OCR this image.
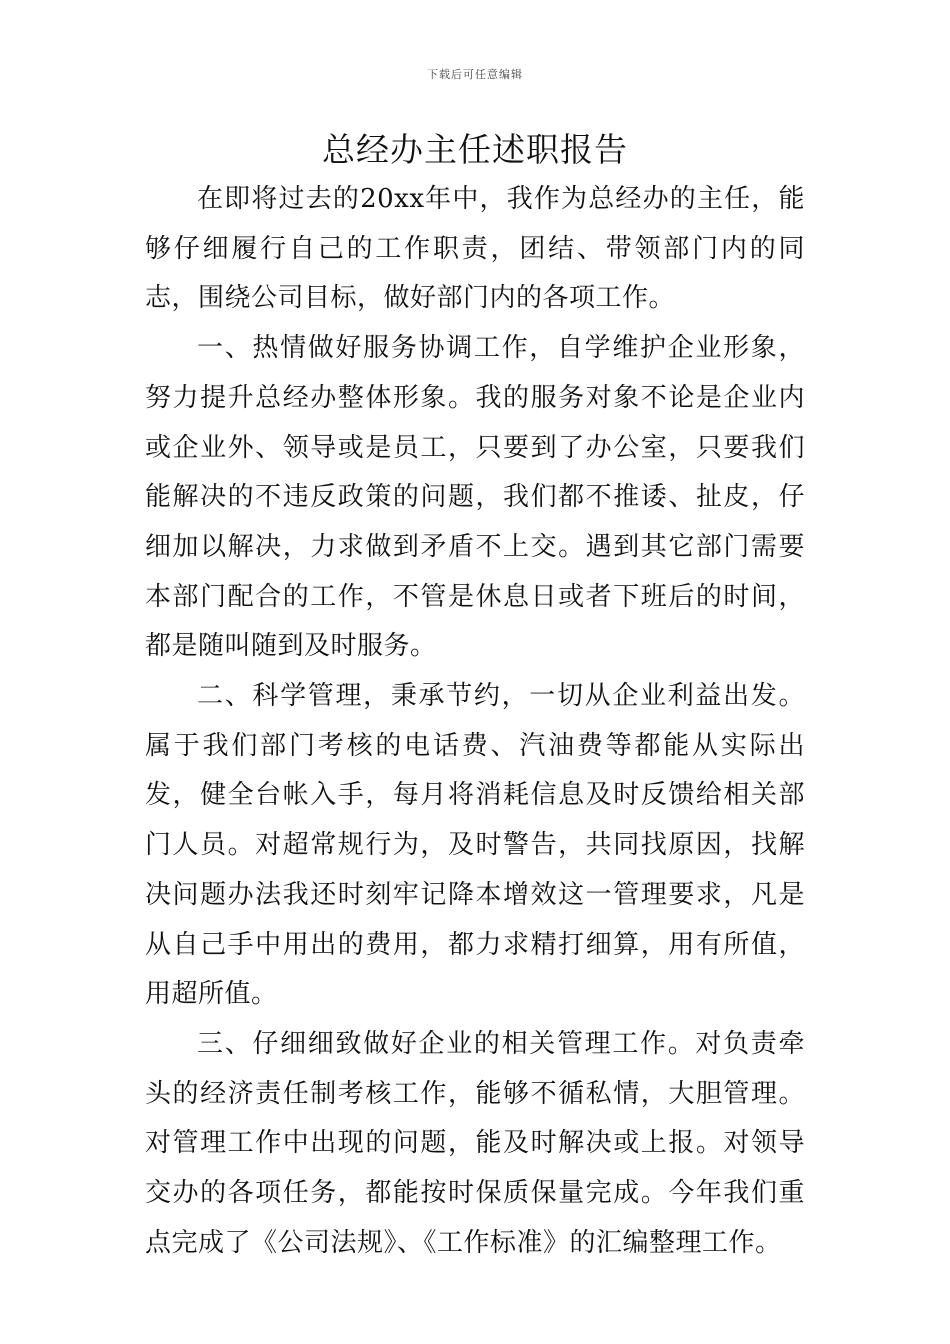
下载后可任意编辑
总经办主任述职报告

在即将过去的20xx年中，我作为总经办的主任，能够仔细履行自己的工作职责，团结、带领部门内的同志，围绕公司目标，做好部门内的各项工作。

一、热情做好服务协调工作，自学维护企业形象，努力提升总经办整体形象。我的服务对象不论是企业内或企业外、领导或是员工，只要到了办公室，只要我们能解决的不违反政策的问题，我们都不推诿、扯皮，仔细加以解决，力求做到矛盾不上交。遇到其它部门需要本部门配合的工作，不管是休息日或者下班后的时间，都是随叫随到及时服务。

二、科学管理，秉承节约，一切从企业利益出发。属于我们部门考核的电话费、汽油费等都能从实际出发，健全台帐入手，每月将消耗信息及时反馈给相关部门人员。对超常规行为，及时警告，共同找原因，找解决问题办法我还时刻牢记降本增效这一管理要求，凡是从自己手中用出的费用，都力求精打细算，用有所值，用超所值。

三、仔细细致做好企业的相关管理工作。对负责牵头的经济责任制考核工作，能够不循私情，大胆管理。对管理工作中出现的问题，能及时解决或上报。对领导交办的各项任务，都能按时保质保量完成。今年我们重点完成了《公司法规》、《工作标准》的汇编整理工作。
